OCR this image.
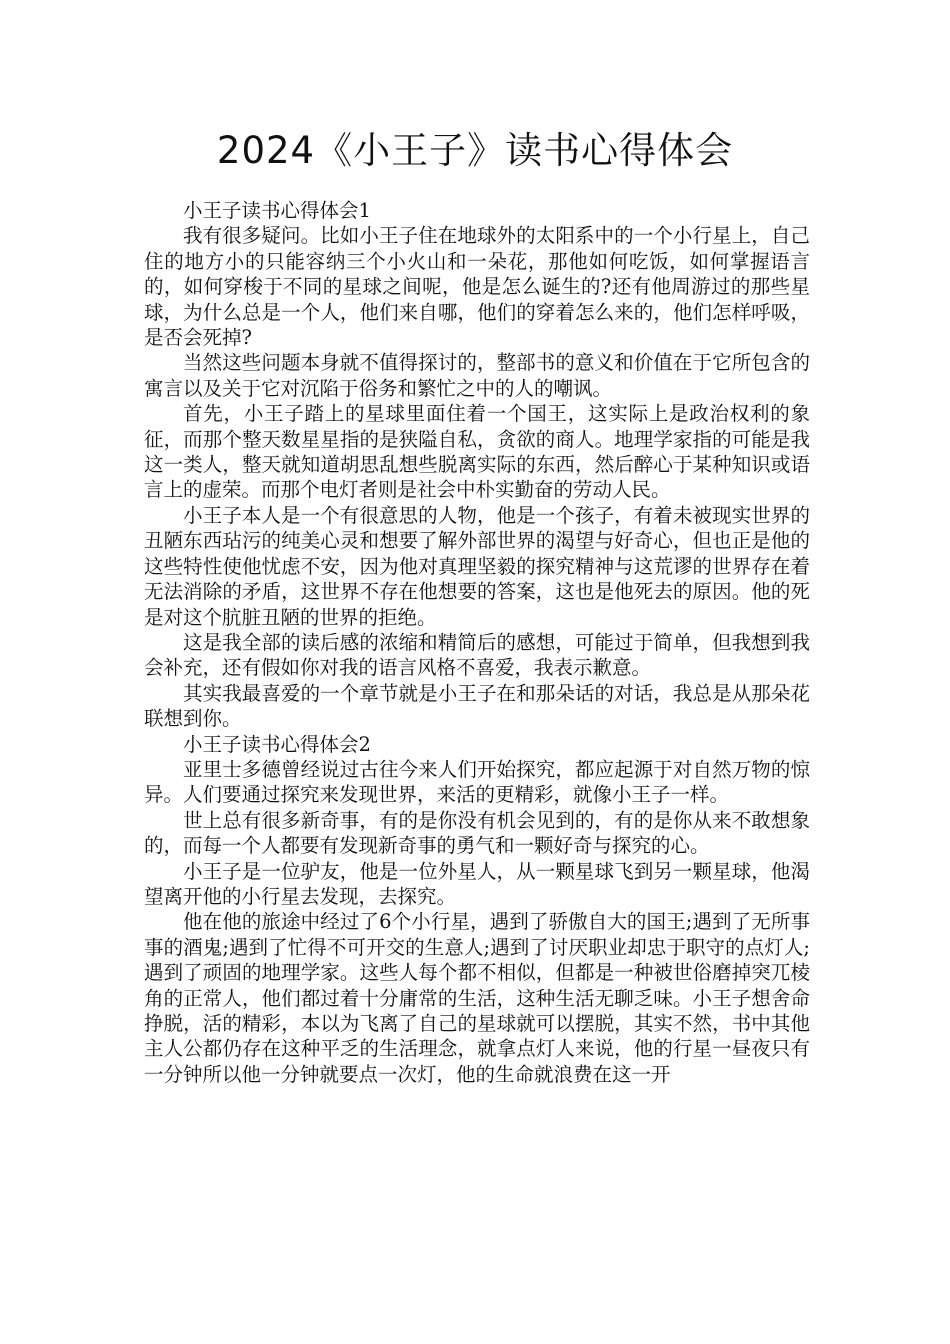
2024《小王子》读书心得体会

小王子读书心得体会1

我有很多疑问。比如小王子住在地球外的太阳系中的一个小行星上，自己住的地方小的只能容纳三个小火山和一朵花，那他如何吃饭，如何掌握语言的，如何穿梭于不同的星球之间呢，他是怎么诞生的?还有他周游过的那些星球，为什么总是一个人，他们来自哪，他们的穿着怎么来的，他们怎样呼吸，是否会死掉?

当然这些问题本身就不值得探讨的，整部书的意义和价值在于它所包含的寓言以及关于它对沉陷于俗务和繁忙之中的人的嘲讽。

首先，小王子踏上的星球里面住着一个国王，这实际上是政治权利的象征，而那个整天数星星指的是狭隘自私，贪欲的商人。地理学家指的可能是我这一类人，整天就知道胡思乱想些脱离实际的东西，然后醉心于某种知识或语言上的虚荣。而那个电灯者则是社会中朴实勤奋的劳动人民。

小王子本人是一个有很意思的人物，他是一个孩子，有着未被现实世界的丑陋东西玷污的纯美心灵和想要了解外部世界的渴望与好奇心，但也正是他的这些特性使他忧虑不安，因为他对真理坚毅的探究精神与这荒谬的世界存在着无法消除的矛盾，这世界不存在他想要的答案，这也是他死去的原因。他的死是对这个肮脏丑陋的世界的拒绝。

这是我全部的读后感的浓缩和精简后的感想，可能过于简单，但我想到我会补充，还有假如你对我的语言风格不喜爱，我表示歉意。

其实我最喜爱的一个章节就是小王子在和那朵话的对话，我总是从那朵花联想到你。

小王子读书心得体会2

亚里士多德曾经说过古往今来人们开始探究，都应起源于对自然万物的惊异。人们要通过探究来发现世界，来活的更精彩，就像小王子一样。

世上总有很多新奇事，有的是你没有机会见到的，有的是你从来不敢想象的，而每一个人都要有发现新奇事的勇气和一颗好奇与探究的心。

小王子是一位驴友，他是一位外星人，从一颗星球飞到另一颗星球，他渴望离开他的小行星去发现，去探究。

他在他的旅途中经过了6个小行星，遇到了骄傲自大的国王;遇到了无所事事的酒鬼;遇到了忙得不可开交的生意人;遇到了讨厌职业却忠于职守的点灯人;遇到了顽固的地理学家。这些人每个都不相似，但都是一种被世俗磨掉突兀棱角的正常人，他们都过着十分庸常的生活，这种生活无聊乏味。小王子想舍命挣脱，活的精彩，本以为飞离了自己的星球就可以摆脱，其实不然，书中其他主人公都仍存在这种平乏的生活理念，就拿点灯人来说，他的行星一昼夜只有一分钟所以他一分钟就要点一次灯，他的生命就浪费在这一开
